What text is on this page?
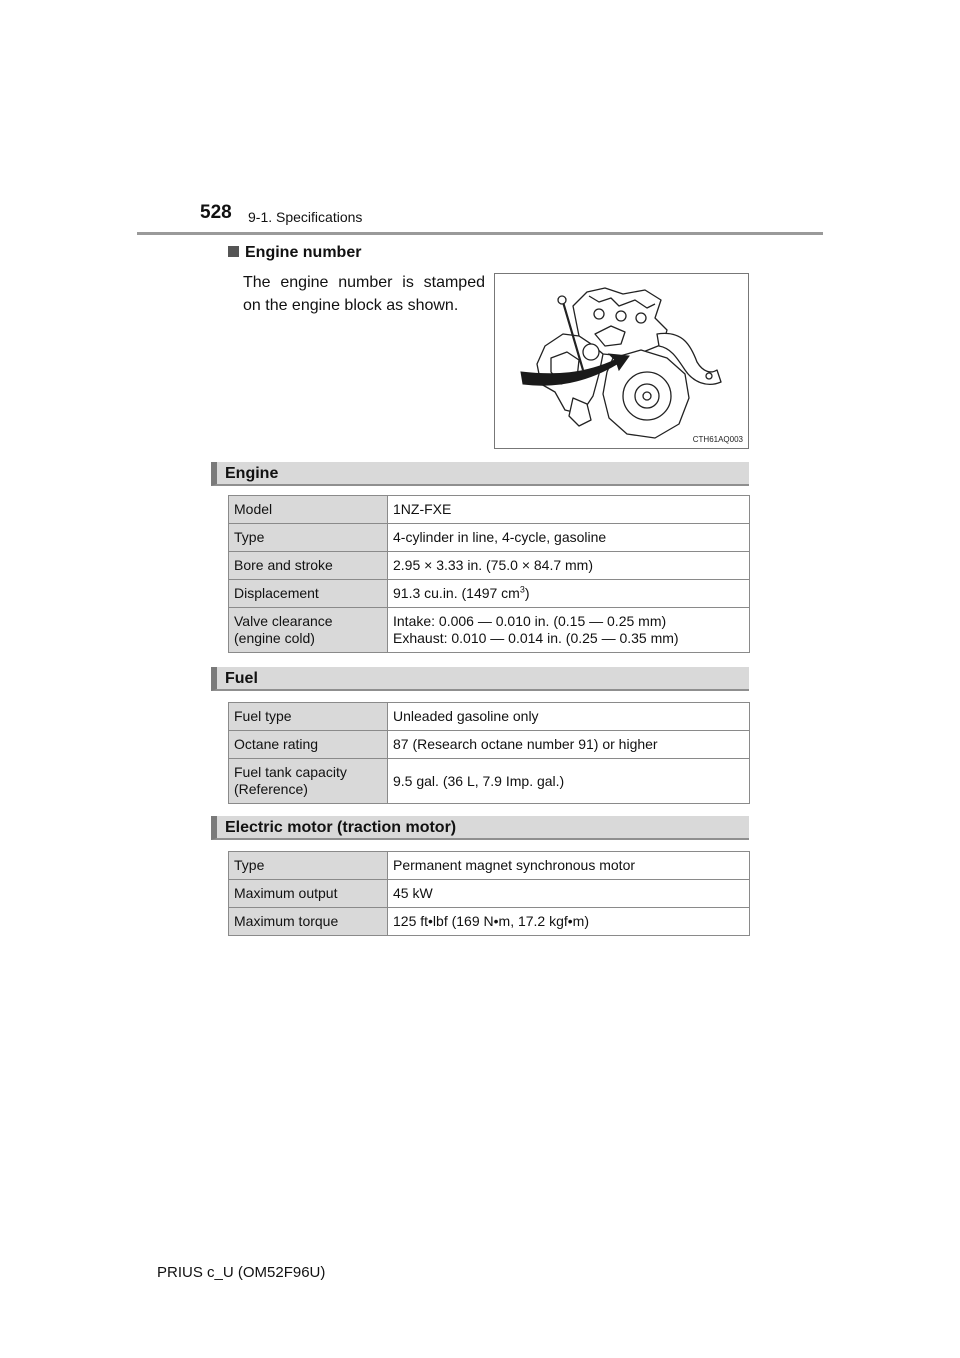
528 9-1. Specifications
Engine number
The engine number is stamped on the engine block as shown.
CTH61AQ003
Engine
Model	1NZ-FXE
Type	4-cylinder in line, 4-cycle, gasoline
Bore and stroke	2.95 × 3.33 in. (75.0 × 84.7 mm)
Displacement	91.3 cu.in. (1497 $cm^3$)
Valve clearance
(engine cold)	Intake: 0.006 — 0.010 in. (0.15 — 0.25 mm)
Exhaust: 0.010 — 0.014 in. (0.25 — 0.35 mm)
Fuel
Fuel type	Unleaded gasoline only
Octane rating	87 (Research octane number 91) or higher
Fuel tank capacity
(Reference)	9.5 gal. (36 L, 7.9 Imp. gal.)
Electric motor (traction motor)
Type	Permanent magnet synchronous motor
Maximum output	45 kW
Maximum torque	125 ft•lbf (169 N•m, 17.2 kgf•m)
PRIUS c_U (OM52F96U)
